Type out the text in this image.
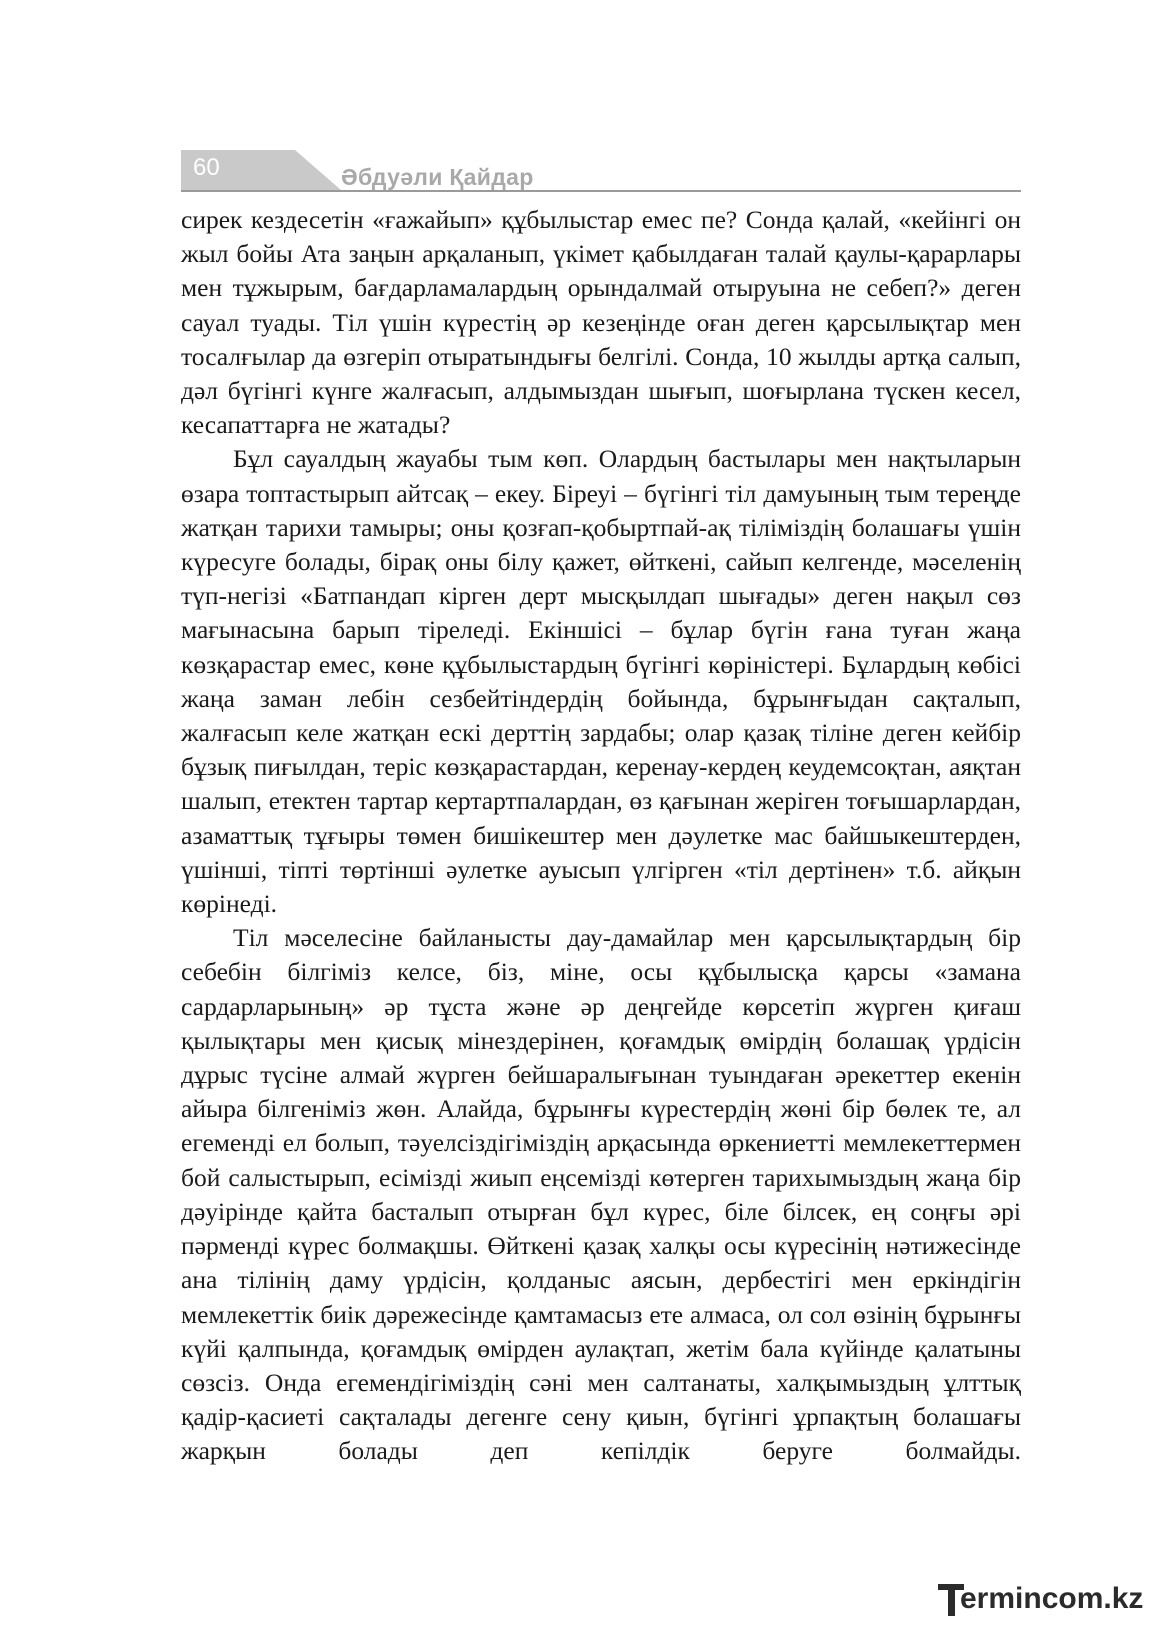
60	Әбдуәли Қайдар

сирек кездесетін «ғажайып» құбылыстар емес пе? Сонда қалай, «кейінгі он жыл бойы Ата заңын арқаланып, үкімет қабылдаған талай қаулы-қарарлары мен тұжырым, бағдарламалардың орындалмай отыруына не себеп?» деген сауал туады. Тіл үшін күрестің әр кезеңінде оған деген қарсылықтар мен тосалғылар да өзгеріп отыратындығы белгілі. Сонда, 10 жылды артқа салып, дәл бүгінгі күнге жалғасып, алдымыздан шығып, шоғырлана түскен кесел, кесапаттарға не жатады?

Бұл сауалдың жауабы тым көп. Олардың бастылары мен нақтыларын өзара топтастырып айтсақ – екеу. Біреуі – бүгінгі тіл дамуының тым тереңде жатқан тарихи тамыры; оны қозғап-қобыртпай-ақ тіліміздің болашағы үшін күресуге болады, бірақ оны білу қажет, өйткені, сайып келгенде, мәселенің түп-негізі «Батпандап кірген дерт мысқылдап шығады» деген нақыл сөз мағынасына барып тіреледі. Екіншісі – бұлар бүгін ғана туған жаңа көзқарастар емес, көне құбылыстардың бүгінгі көріністері. Бұлардың көбісі жаңа заман лебін сезбейтіндердің бойында, бұрынғыдан сақталып, жалғасып келе жатқан ескі дерттің зардабы; олар қазақ тіліне деген кейбір бұзық пиғылдан, теріс көзқарастардан, керенау-кердең кеудемсоқтан, аяқтан шалып, етектен тартар кертартпалардан, өз қағынан жеріген тоғышарлардан, азаматтық тұғыры төмен бишікештер мен дәулетке мас байшыкештерден, үшінші, тіпті төртінші әулетке ауысып үлгірген «тіл дертінен» т.б. айқын көрінеді.

Тіл мәселесіне байланысты дау-дамайлар мен қарсылықтардың бір себебін білгіміз келсе, біз, міне, осы құбылысқа қарсы «замана сардарларының» әр тұста және әр деңгейде көрсетіп жүрген қиғаш қылықтары мен қисық мінездерінен, қоғамдық өмірдің болашақ үрдісін дұрыс түсіне алмай жүрген бейшаралығынан туындаған әрекеттер екенін айыра білгеніміз жөн. Алайда, бұрынғы күрестердің жөні бір бөлек те, ал егеменді ел болып, тәуелсіздігіміздің арқасында өркениетті мемлекеттермен бой салыстырып, есімізді жиып еңсемізді көтерген тарихымыздың жаңа бір дәуірінде қайта басталып отырған бұл күрес, біле білсек, ең соңғы әрі пәрменді күрес болмақшы. Өйткені қазақ халқы осы күресінің нәтижесінде ана тілінің даму үрдісін, қолданыс аясын, дербестігі мен еркіндігін мемлекеттік биік дәрежесінде қамтамасыз ете алмаса, ол сол өзінің бұрынғы күйі қалпында, қоғамдық өмірден аулақтап, жетім бала күйінде қалатыны сөзсіз. Онда егемендігіміздің сәні мен салтанаты, халқымыздың ұлттық қадір-қасиеті сақталады дегенге сену қиын, бүгінгі ұрпақтың болашағы жарқын болады деп кепілдік беруге болмайды.

ermincom.kz
